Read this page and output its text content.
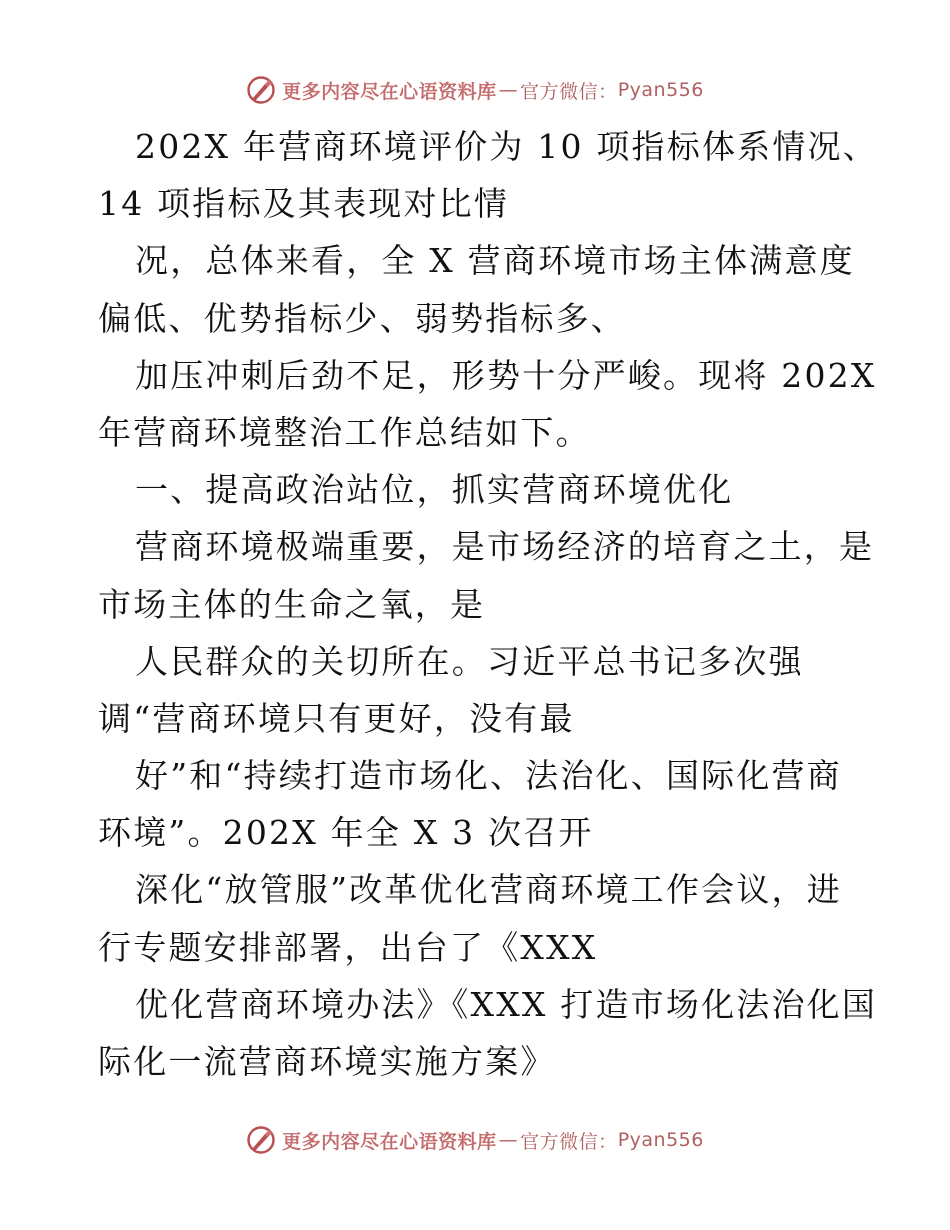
更多内容尽在心语资料库 — 官方微信： Pyan556
202X 年营商环境评价为 10 项指标体系情况、
14 项指标及其表现对比情
况，总体来看，全 X 营商环境市场主体满意度
偏低、优势指标少、弱势指标多、
加压冲刺后劲不足，形势十分严峻。现将 202X
年营商环境整治工作总结如下。
一、提高政治站位，抓实营商环境优化
营商环境极端重要，是市场经济的培育之土，是
市场主体的生命之氧，是
人民群众的关切所在。习近平总书记多次强
调“营商环境只有更好，没有最
好”和“持续打造市场化、法治化、国际化营商
环境”。202X 年全 X 3 次召开
深化“放管服”改革优化营商环境工作会议，进
行专题安排部署，出台了《XXX
优化营商环境办法》《XXX 打造市场化法治化国
际化一流营商环境实施方案》
更多内容尽在心语资料库 — 官方微信： Pyan556
